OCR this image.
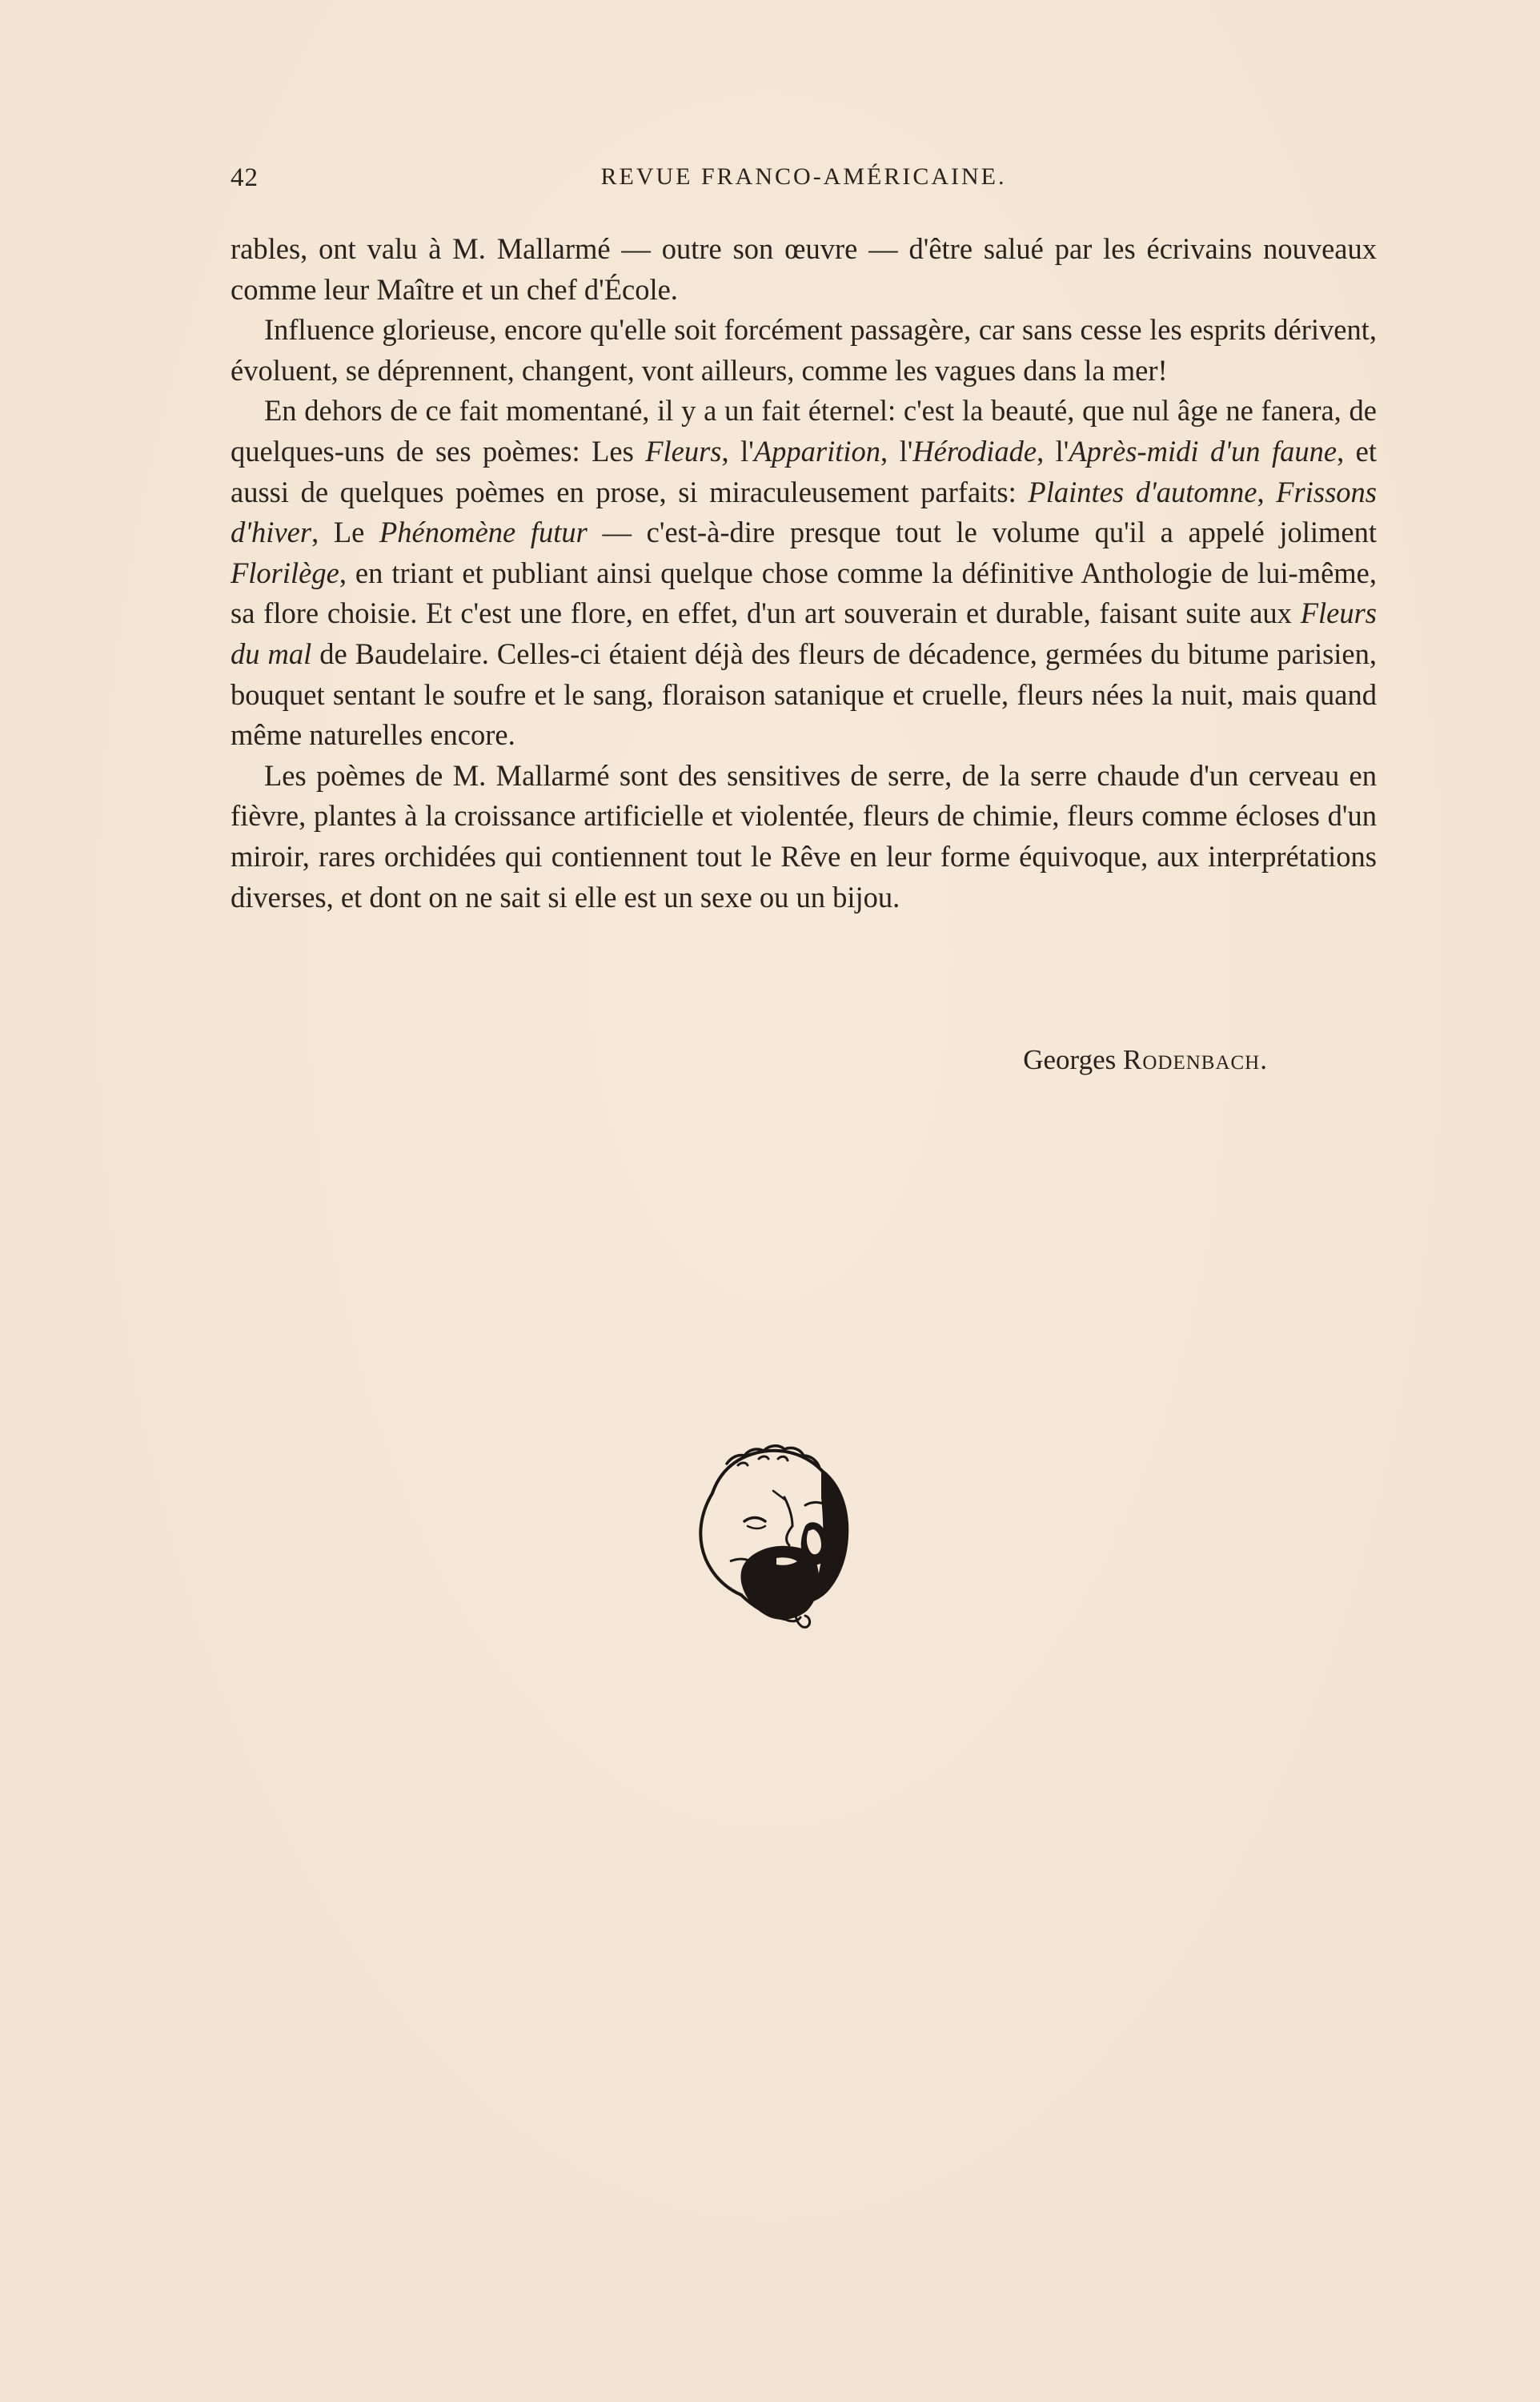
42	REVUE FRANCO-AMÉRICAINE.

rables, ont valu à M. Mallarmé — outre son œuvre — d'être salué par les écrivains nouveaux comme leur Maître et un chef d'École.

Influence glorieuse, encore qu'elle soit forcément passagère, car sans cesse les esprits dérivent, évoluent, se déprennent, changent, vont ailleurs, comme les vagues dans la mer!

En dehors de ce fait momentané, il y a un fait éternel: c'est la beauté, que nul âge ne fanera, de quelques-uns de ses poèmes: Les Fleurs, l'Apparition, l'Hérodiade, l'Après-midi d'un faune, et aussi de quelques poèmes en prose, si miraculeusement parfaits: Plaintes d'automne, Frissons d'hiver, Le Phénomène futur — c'est-à-dire presque tout le volume qu'il a appelé joliment Florilège, en triant et publiant ainsi quelque chose comme la définitive Anthologie de lui-même, sa flore choisie. Et c'est une flore, en effet, d'un art souverain et durable, faisant suite aux Fleurs du mal de Baudelaire. Celles-ci étaient déjà des fleurs de décadence, germées du bitume parisien, bouquet sentant le soufre et le sang, floraison satanique et cruelle, fleurs nées la nuit, mais quand même naturelles encore.

Les poèmes de M. Mallarmé sont des sensitives de serre, de la serre chaude d'un cerveau en fièvre, plantes à la croissance artificielle et violentée, fleurs de chimie, fleurs comme écloses d'un miroir, rares orchidées qui contiennent tout le Rêve en leur forme équivoque, aux interprétations diverses, et dont on ne sait si elle est un sexe ou un bijou.

Georges Rodenbach.
